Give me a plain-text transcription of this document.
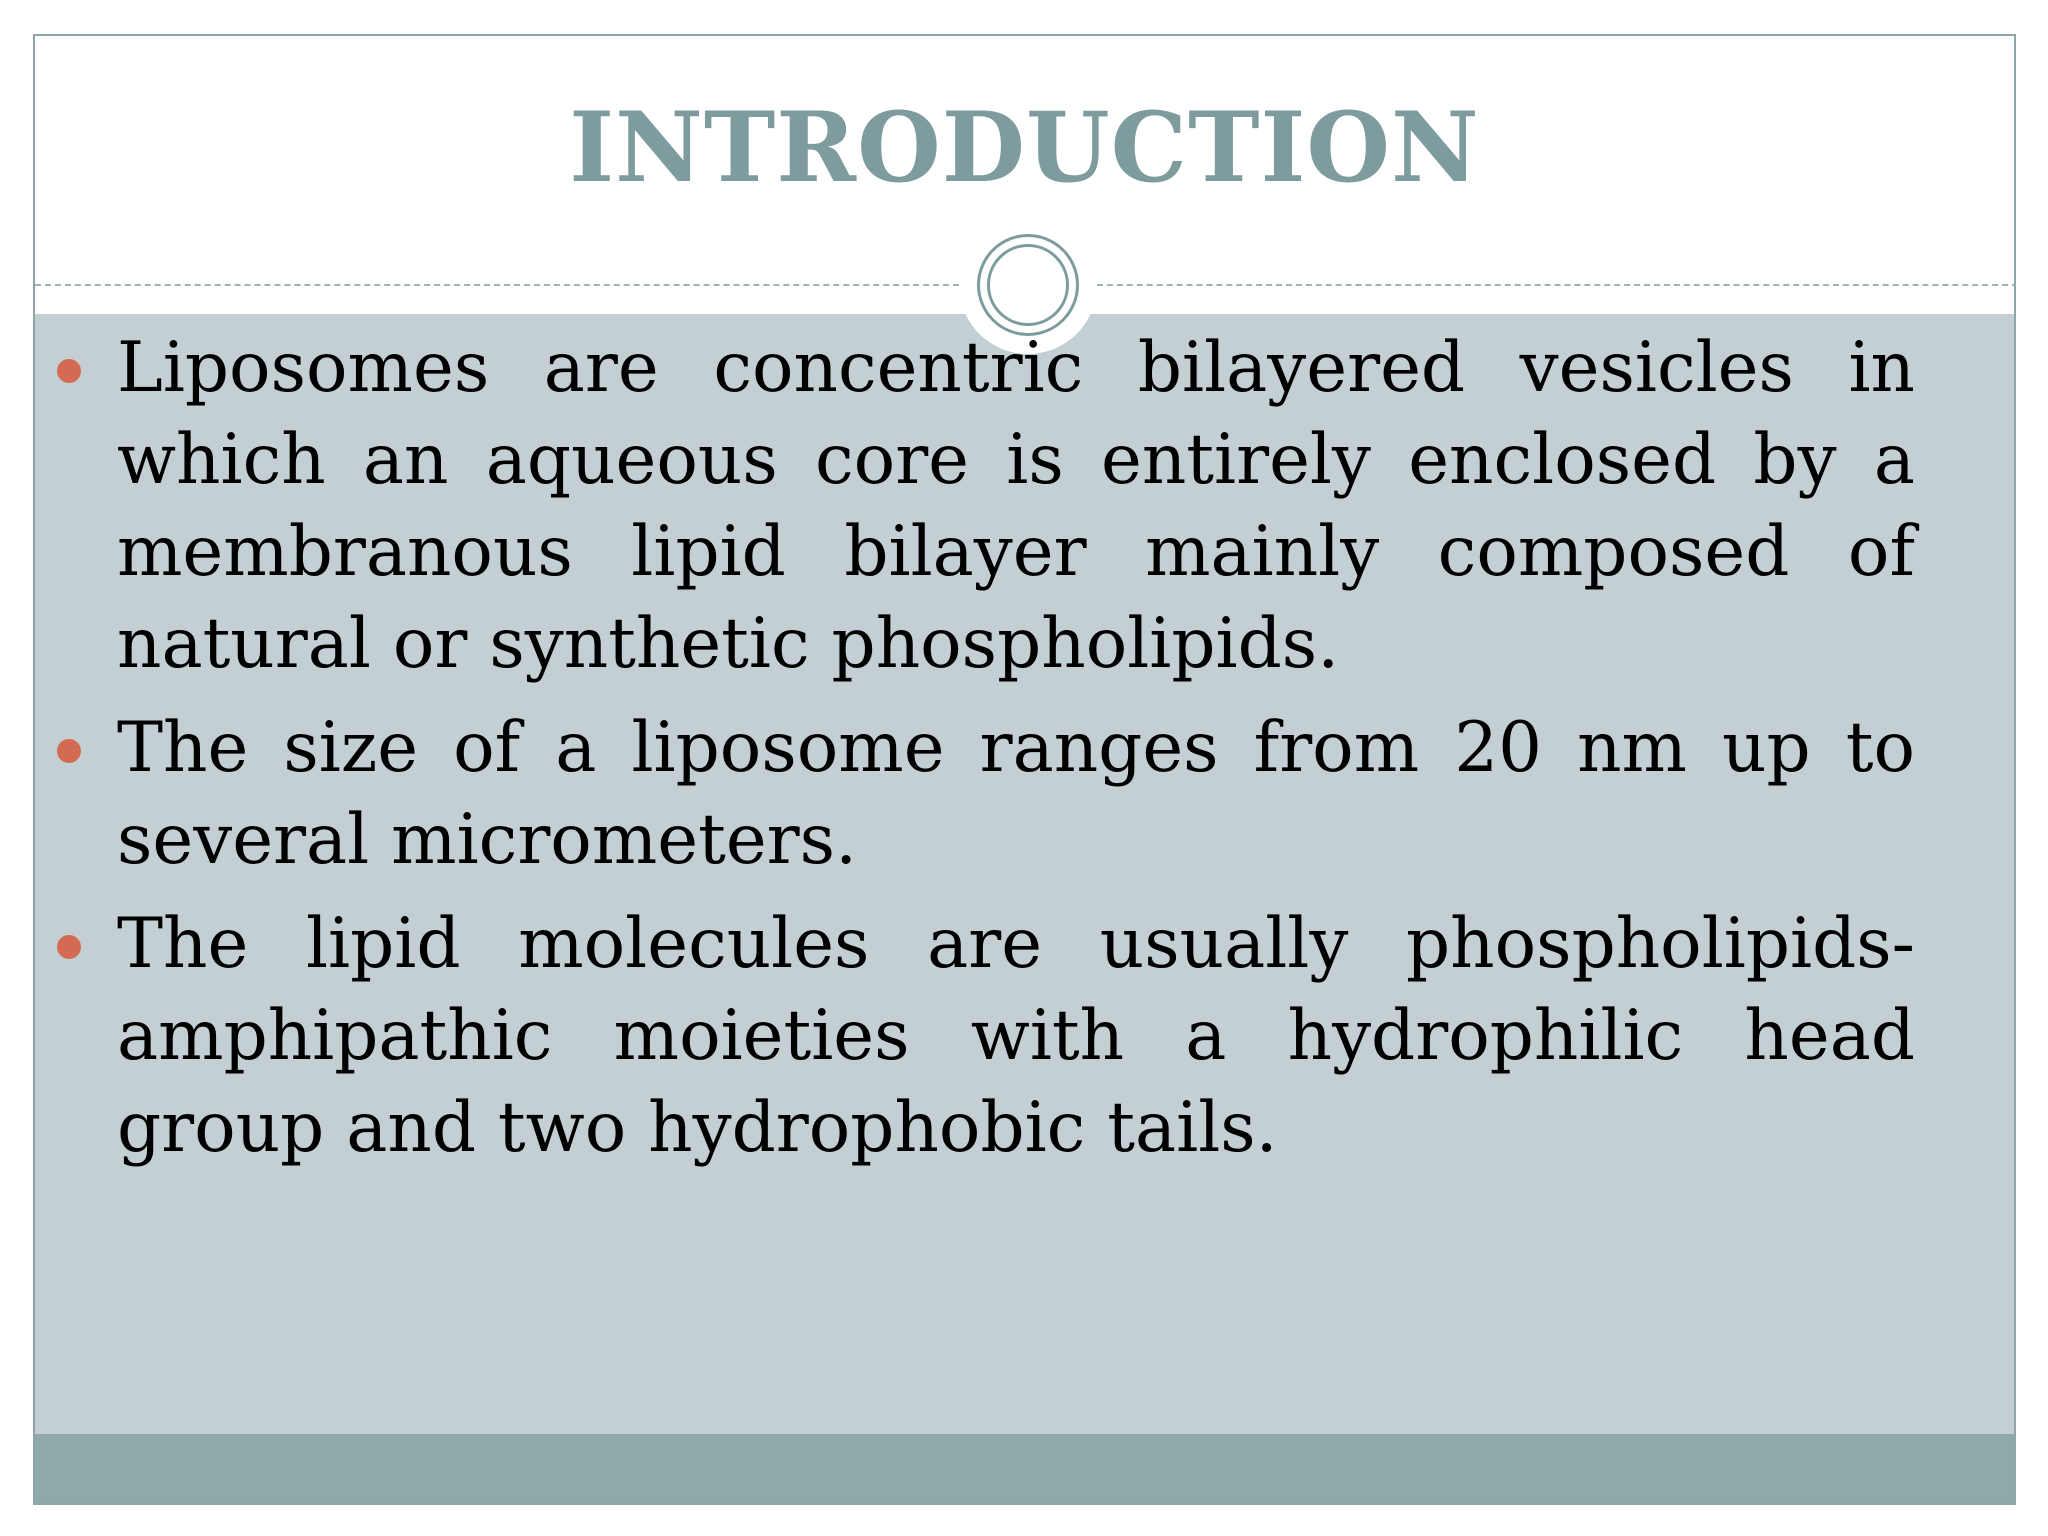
INTRODUCTION
Liposomes are concentric bilayered vesicles in which an aqueous core is entirely enclosed by a membranous lipid bilayer mainly composed of natural or synthetic phospholipids.
The size of a liposome ranges from 20 nm up to several micrometers.
The lipid molecules are usually phospholipids- amphipathic moieties with a hydrophilic head group and two hydrophobic tails.
